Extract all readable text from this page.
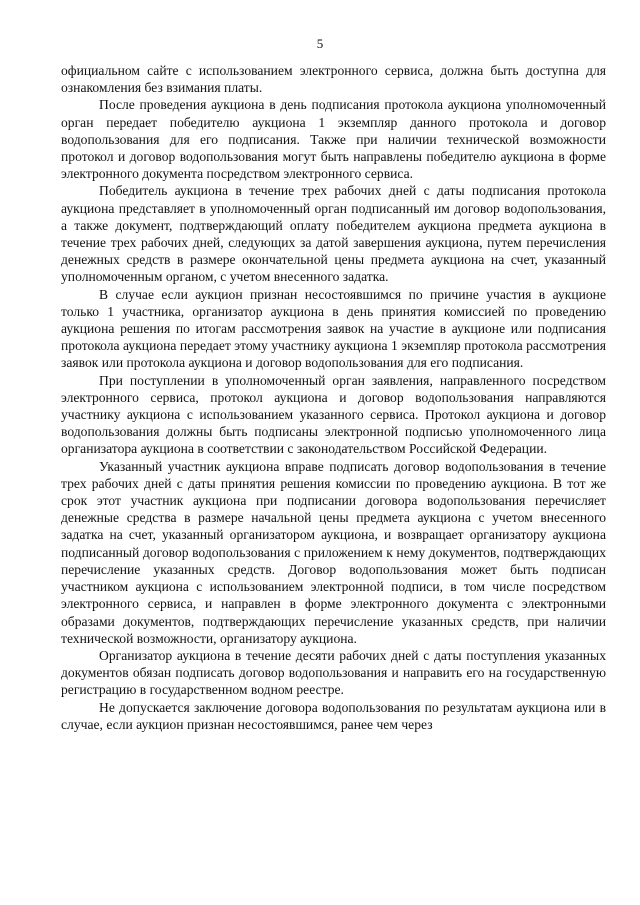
5

официальном сайте с использованием электронного сервиса, должна быть доступна для ознакомления без взимания платы.

После проведения аукциона в день подписания протокола аукциона уполномоченный орган передает победителю аукциона 1 экземпляр данного протокола и договор водопользования для его подписания. Также при наличии технической возможности протокол и договор водопользования могут быть направлены победителю аукциона в форме электронного документа посредством электронного сервиса.

Победитель аукциона в течение трех рабочих дней с даты подписания протокола аукциона представляет в уполномоченный орган подписанный им договор водопользования, а также документ, подтверждающий оплату победителем аукциона предмета аукциона в течение трех рабочих дней, следующих за датой завершения аукциона, путем перечисления денежных средств в размере окончательной цены предмета аукциона на счет, указанный уполномоченным органом, с учетом внесенного задатка.

В случае если аукцион признан несостоявшимся по причине участия в аукционе только 1 участника, организатор аукциона в день принятия комиссией по проведению аукциона решения по итогам рассмотрения заявок на участие в аукционе или подписания протокола аукциона передает этому участнику аукциона 1 экземпляр протокола рассмотрения заявок или протокола аукциона и договор водопользования для его подписания.

При поступлении в уполномоченный орган заявления, направленного посредством электронного сервиса, протокол аукциона и договор водопользования направляются участнику аукциона с использованием указанного сервиса. Протокол аукциона и договор водопользования должны быть подписаны электронной подписью уполномоченного лица организатора аукциона в соответствии с законодательством Российской Федерации.

Указанный участник аукциона вправе подписать договор водопользования в течение трех рабочих дней с даты принятия решения комиссии по проведению аукциона. В тот же срок этот участник аукциона при подписании договора водопользования перечисляет денежные средства в размере начальной цены предмета аукциона с учетом внесенного задатка на счет, указанный организатором аукциона, и возвращает организатору аукциона подписанный договор водопользования с приложением к нему документов, подтверждающих перечисление указанных средств. Договор водопользования может быть подписан участником аукциона с использованием электронной подписи, в том числе посредством электронного сервиса, и направлен в форме электронного документа с электронными образами документов, подтверждающих перечисление указанных средств, при наличии технической возможности, организатору аукциона.

Организатор аукциона в течение десяти рабочих дней с даты поступления указанных документов обязан подписать договор водопользования и направить его на государственную регистрацию в государственном водном реестре.

Не допускается заключение договора водопользования по результатам аукциона или в случае, если аукцион признан несостоявшимся, ранее чем через
